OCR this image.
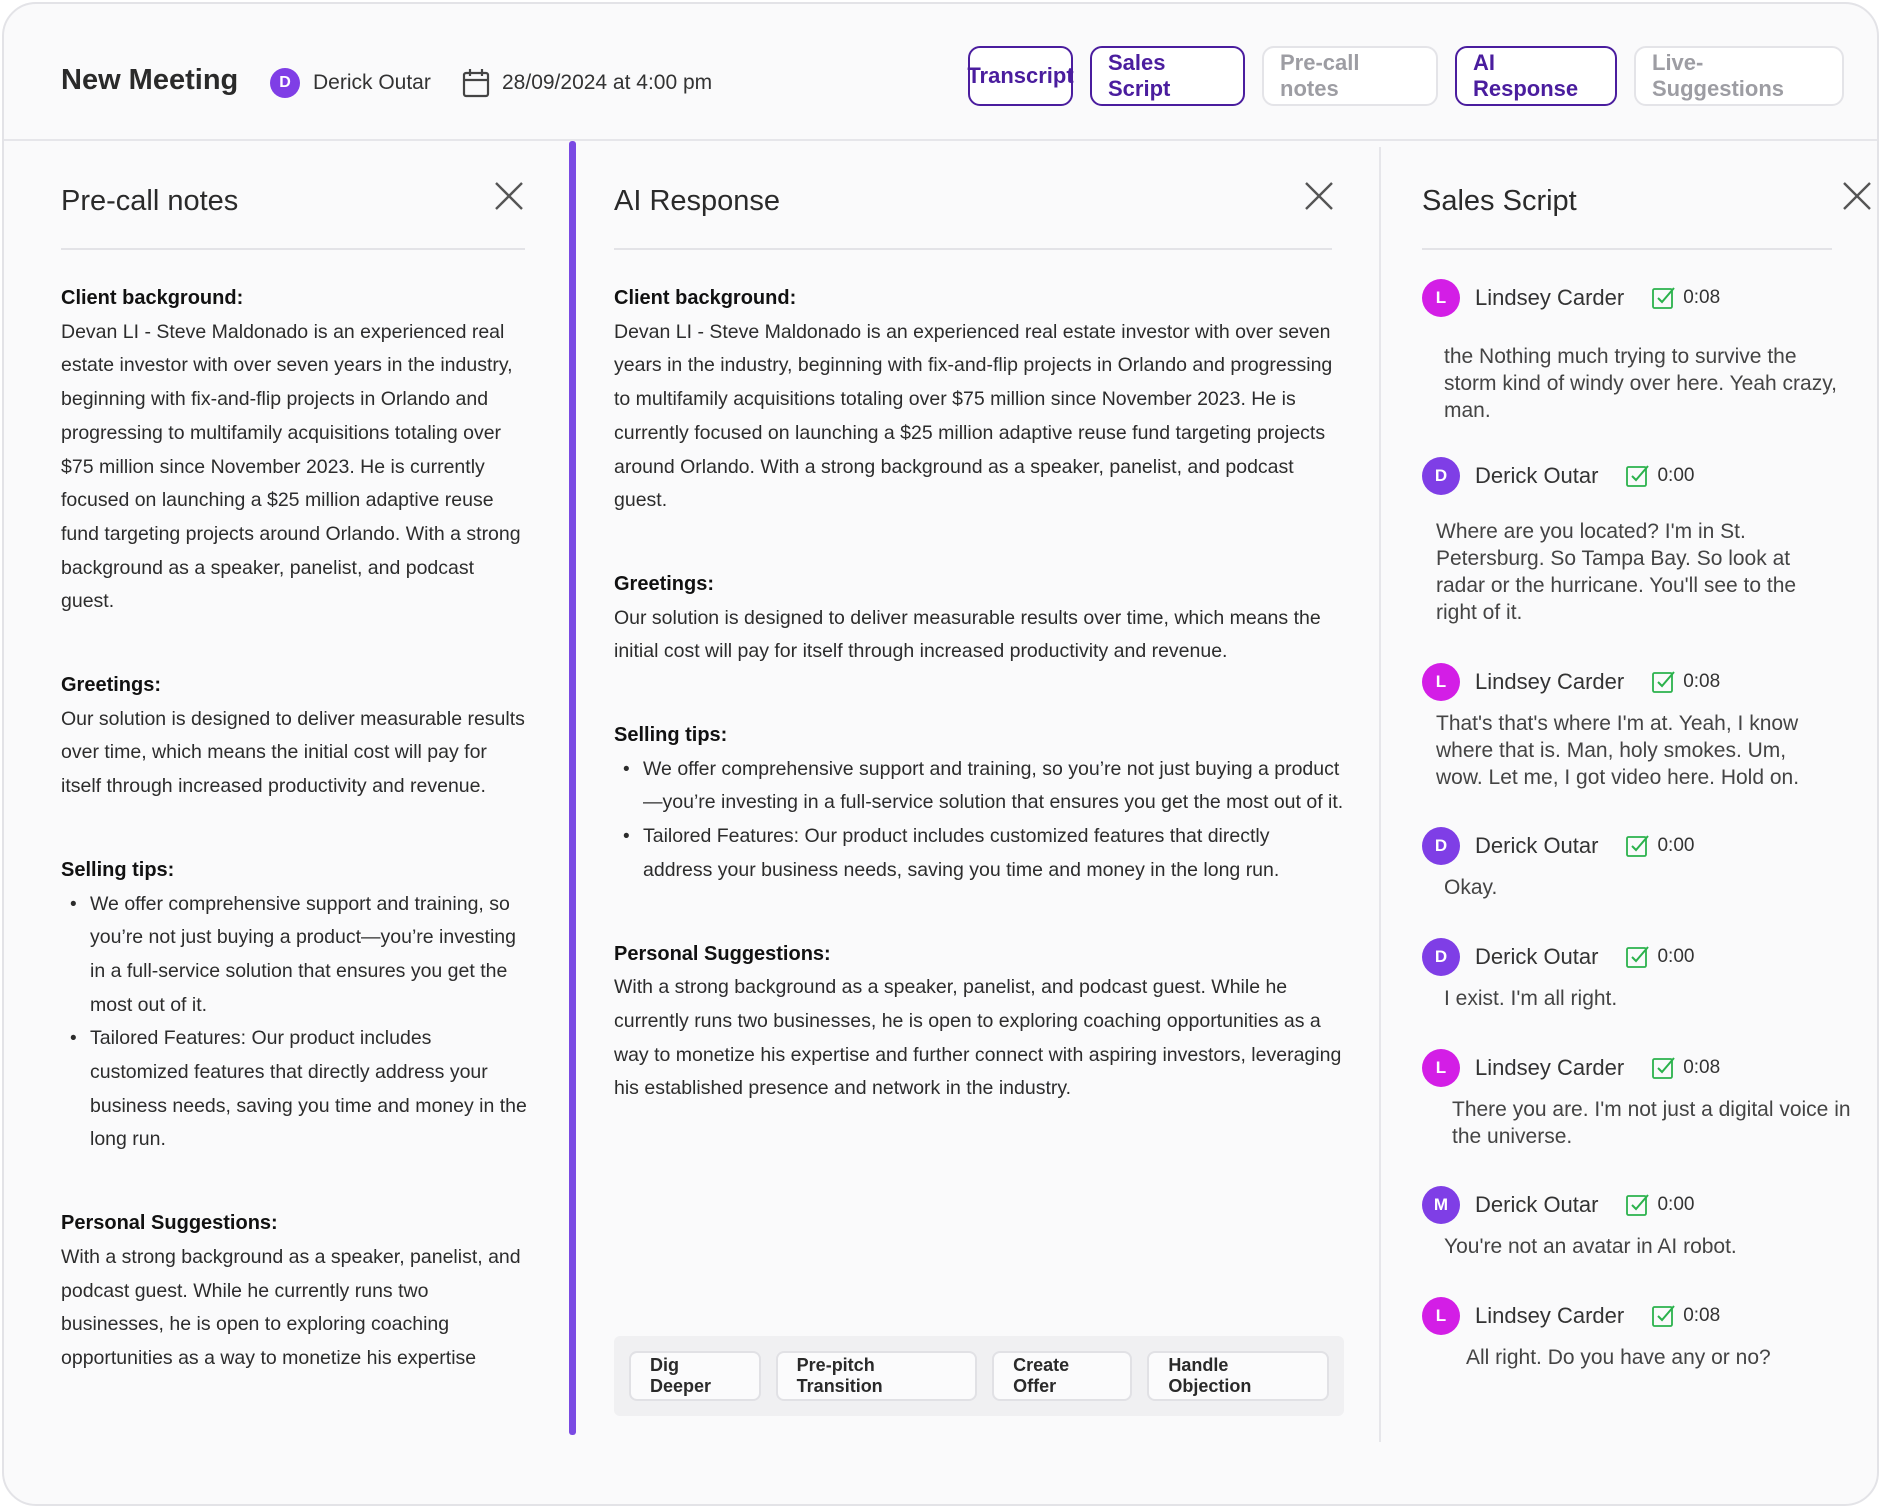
New Meeting	D	Derick Outar	28/09/2024 at 4:00 pm	Transcript
Sales Script
Pre-call notes
AI Response
Live-Suggestions
Pre-call notes
Client background:

Devan LI - Steve Maldonado is an experienced real estate investor with over seven years in the industry, beginning with fix-and-flip projects in Orlando and progressing to multifamily acquisitions totaling over $75 million since November 2023. He is currently focused on launching a $25 million adaptive reuse fund targeting projects around Orlando. With a strong background as a speaker, panelist, and podcast guest.

Greetings:

Our solution is designed to deliver measurable results over time, which means the initial cost will pay for itself through increased productivity and revenue.

Selling tips:
• We offer comprehensive support and training, so you’re not just buying a product—you’re investing in a full-service solution that ensures you get the most out of it.
• Tailored Features: Our product includes customized features that directly address your business needs, saving you time and money in the long run.
Personal Suggestions:

With a strong background as a speaker, panelist, and podcast guest. While he currently runs two businesses, he is open to exploring coaching opportunities as a way to monetize his expertise

AI Response
Client background:

Devan LI - Steve Maldonado is an experienced real estate investor with over seven years in the industry, beginning with fix-and-flip projects in Orlando and progressing to multifamily acquisitions totaling over $75 million since November 2023. He is currently focused on launching a $25 million adaptive reuse fund targeting projects around Orlando. With a strong background as a speaker, panelist, and podcast guest.

Greetings:

Our solution is designed to deliver measurable results over time, which means the initial cost will pay for itself through increased productivity and revenue.

Selling tips:
• We offer comprehensive support and training, so you’re not just buying a product—you’re investing in a full-service solution that ensures you get the most out of it.
• Tailored Features: Our product includes customized features that directly address your business needs, saving you time and money in the long run.
Personal Suggestions:

With a strong background as a speaker, panelist, and podcast guest. While he currently runs two businesses, he is open to exploring coaching opportunities as a way to monetize his expertise and further connect with aspiring investors, leveraging his established presence and network in the industry.

Dig Deeper
Pre-pitch Transition
Create Offer
Handle Objection
Sales Script
L	Lindsey Carder	0:08
the Nothing much trying to survive the storm kind of windy over here. Yeah crazy, man.
D	Derick Outar	0:00
Where are you located? I'm in St. Petersburg. So Tampa Bay. So look at radar or the hurricane. You'll see to the right of it.
L	Lindsey Carder	0:08
That's that's where I'm at. Yeah, I know where that is. Man, holy smokes. Um, wow. Let me, I got video here. Hold on.
D	Derick Outar	0:00
Okay.
D	Derick Outar	0:00
I exist. I'm all right.
L	Lindsey Carder	0:08
There you are. I'm not just a digital voice in the universe.
M	Derick Outar	0:00
You're not an avatar in AI robot.
L	Lindsey Carder	0:08
All right. Do you have any or no?
